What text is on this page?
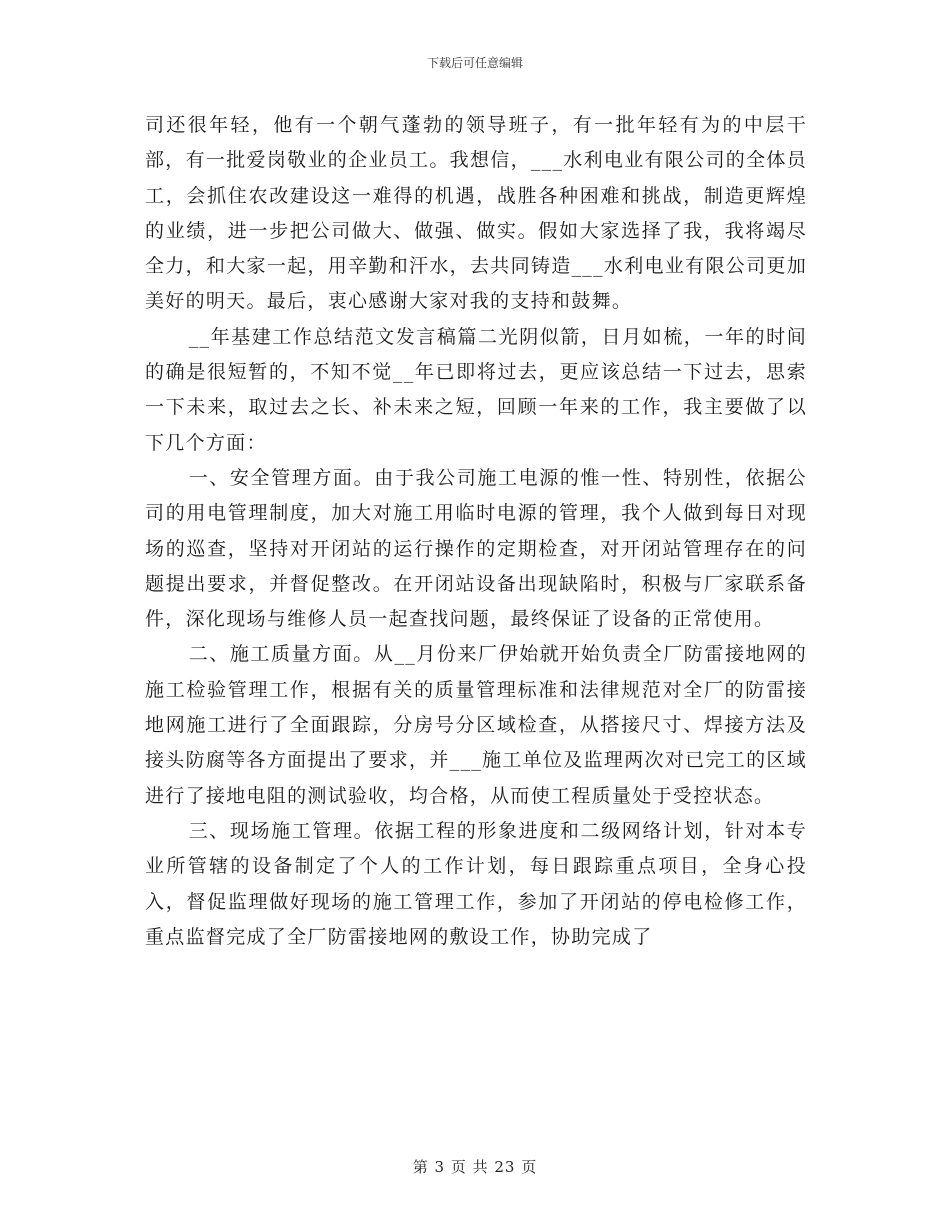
下载后可任意编辑

司还很年轻，他有一个朝气蓬勃的领导班子，有一批年轻有为的中层干部，有一批爱岗敬业的企业员工。我想信，___水利电业有限公司的全体员工，会抓住农改建设这一难得的机遇，战胜各种困难和挑战，制造更辉煌的业绩，进一步把公司做大、做强、做实。假如大家选择了我，我将竭尽全力，和大家一起，用辛勤和汗水，去共同铸造___水利电业有限公司更加美好的明天。最后，衷心感谢大家对我的支持和鼓舞。

__年基建工作总结范文发言稿篇二光阴似箭，日月如梳，一年的时间的确是很短暂的，不知不觉__年已即将过去，更应该总结一下过去，思索一下未来，取过去之长、补未来之短，回顾一年来的工作，我主要做了以下几个方面：

一、安全管理方面。由于我公司施工电源的惟一性、特别性，依据公司的用电管理制度，加大对施工用临时电源的管理，我个人做到每日对现场的巡查，坚持对开闭站的运行操作的定期检查，对开闭站管理存在的问题提出要求，并督促整改。在开闭站设备出现缺陷时，积极与厂家联系备件，深化现场与维修人员一起查找问题，最终保证了设备的正常使用。

二、施工质量方面。从__月份来厂伊始就开始负责全厂防雷接地网的施工检验管理工作，根据有关的质量管理标准和法律规范对全厂的防雷接地网施工进行了全面跟踪，分房号分区域检查，从搭接尺寸、焊接方法及接头防腐等各方面提出了要求，并___施工单位及监理两次对已完工的区域进行了接地电阻的测试验收，均合格，从而使工程质量处于受控状态。

三、现场施工管理。依据工程的形象进度和二级网络计划，针对本专业所管辖的设备制定了个人的工作计划，每日跟踪重点项目，全身心投入，督促监理做好现场的施工管理工作，参加了开闭站的停电检修工作，重点监督完成了全厂防雷接地网的敷设工作，协助完成了

第 3 页 共 23 页
